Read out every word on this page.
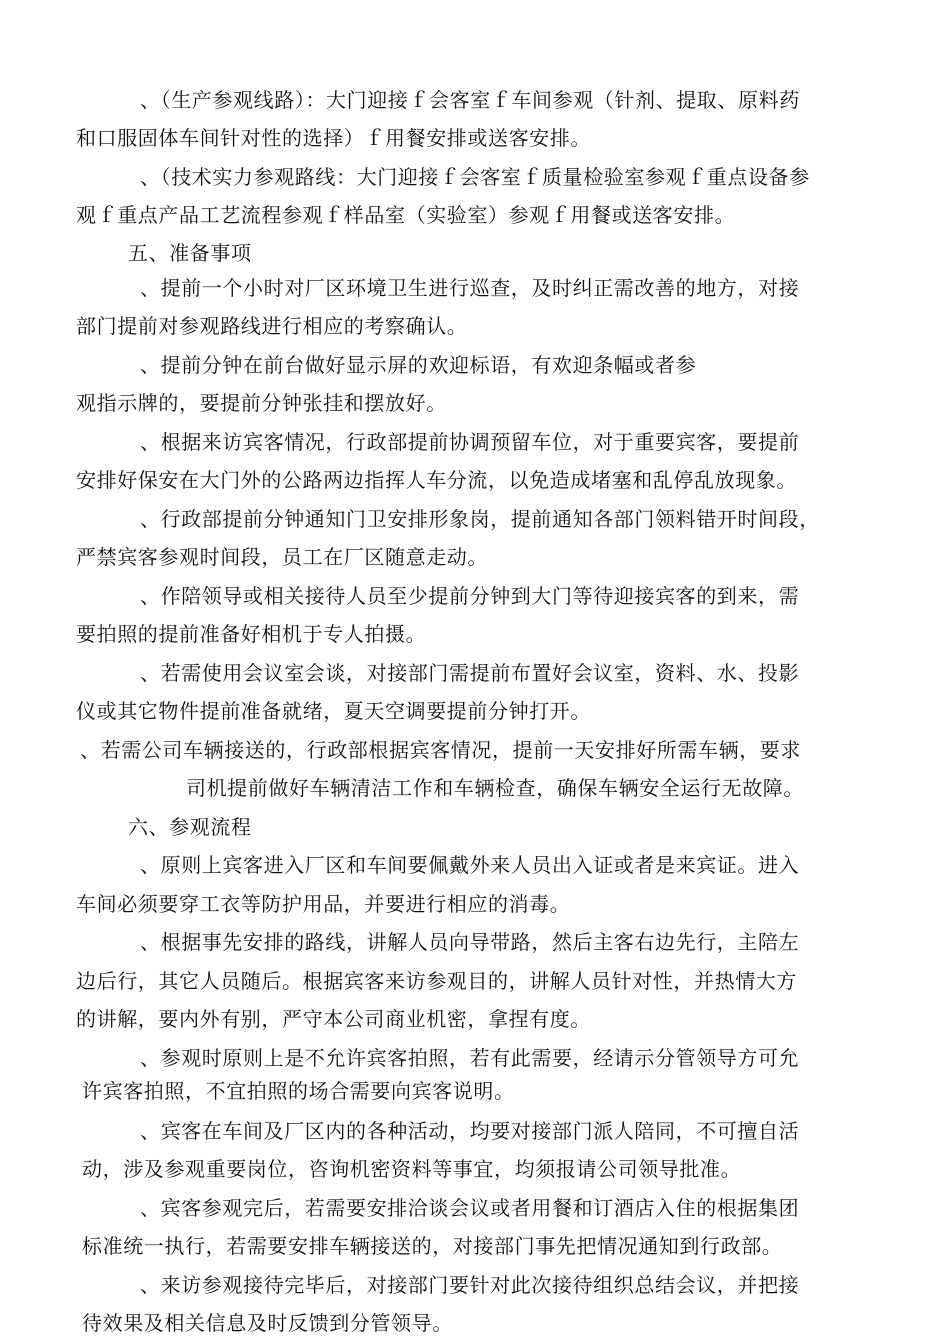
、（生产参观线路）：大门迎接ｆ会客室ｆ车间参观（针剂、提取、原料药

和口服固体车间针对性的选择）ｆ用餐安排或送客安排。

、（技术实力参观路线：大门迎接ｆ会客室ｆ质量检验室参观ｆ重点设备参

观ｆ重点产品工艺流程参观ｆ样品室（实验室）参观ｆ用餐或送客安排。

五、准备事项

、提前一个小时对厂区环境卫生进行巡查，及时纠正需改善的地方，对接

部门提前对参观路线进行相应的考察确认。

、提前分钟在前台做好显示屏的欢迎标语，有欢迎条幅或者参

观指示牌的，要提前分钟张挂和摆放好。

、根据来访宾客情况，行政部提前协调预留车位，对于重要宾客，要提前

安排好保安在大门外的公路两边指挥人车分流，以免造成堵塞和乱停乱放现象。

、行政部提前分钟通知门卫安排形象岗，提前通知各部门领料错开时间段，

严禁宾客参观时间段，员工在厂区随意走动。

、作陪领导或相关接待人员至少提前分钟到大门等待迎接宾客的到来，需

要拍照的提前准备好相机于专人拍摄。

、若需使用会议室会谈，对接部门需提前布置好会议室，资料、水、投影

仪或其它物件提前准备就绪，夏天空调要提前分钟打开。

、若需公司车辆接送的，行政部根据宾客情况，提前一天安排好所需车辆，要求

司机提前做好车辆清洁工作和车辆检查，确保车辆安全运行无故障。

六、参观流程

、原则上宾客进入厂区和车间要佩戴外来人员出入证或者是来宾证。进入

车间必须要穿工衣等防护用品，并要进行相应的消毒。

、根据事先安排的路线，讲解人员向导带路，然后主客右边先行，主陪左

边后行，其它人员随后。根据宾客来访参观目的，讲解人员针对性，并热情大方

的讲解，要内外有别，严守本公司商业机密，拿捏有度。

、参观时原则上是不允许宾客拍照，若有此需要，经请示分管领导方可允

许宾客拍照，不宜拍照的场合需要向宾客说明。

、宾客在车间及厂区内的各种活动，均要对接部门派人陪同，不可擅自活

动，涉及参观重要岗位，咨询机密资料等事宜，均须报请公司领导批准。

、宾客参观完后，若需要安排洽谈会议或者用餐和订酒店入住的根据集团

标准统一执行，若需要安排车辆接送的，对接部门事先把情况通知到行政部。

、来访参观接待完毕后，对接部门要针对此次接待组织总结会议，并把接

待效果及相关信息及时反馈到分管领导。
